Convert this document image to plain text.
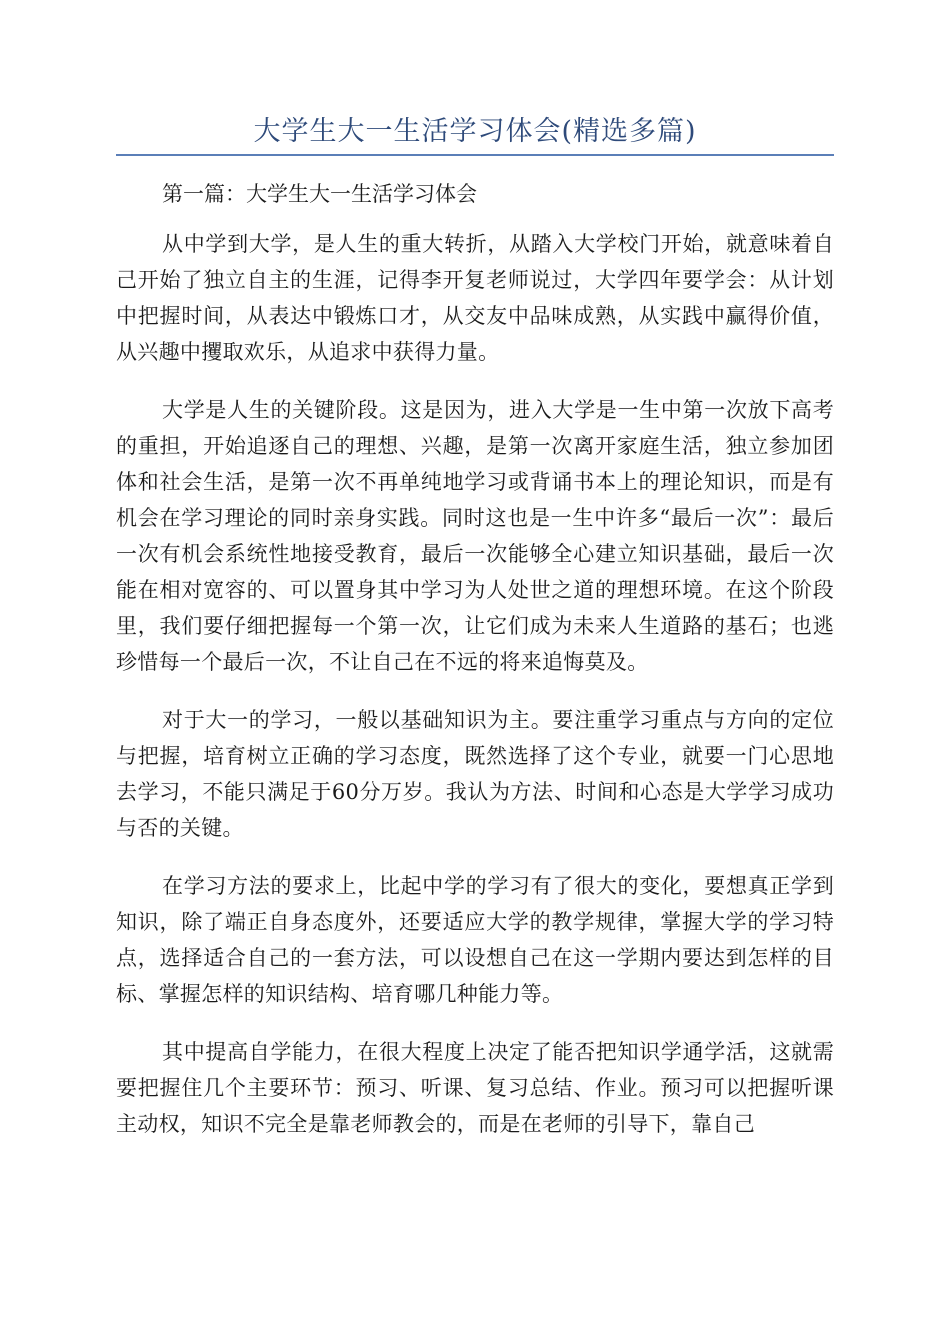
大学生大一生活学习体会(精选多篇)

第一篇：大学生大一生活学习体会

从中学到大学，是人生的重大转折，从踏入大学校门开始，就意味着自己开始了独立自主的生涯，记得李开复老师说过，大学四年要学会：从计划中把握时间，从表达中锻炼口才，从交友中品味成熟，从实践中赢得价值，从兴趣中攫取欢乐，从追求中获得力量。

大学是人生的关键阶段。这是因为，进入大学是一生中第一次放下高考的重担，开始追逐自己的理想、兴趣，是第一次离开家庭生活，独立参加团体和社会生活，是第一次不再单纯地学习或背诵书本上的理论知识，而是有机会在学习理论的同时亲身实践。同时这也是一生中许多“最后一次”：最后一次有机会系统性地接受教育，最后一次能够全心建立知识基础，最后一次能在相对宽容的、可以置身其中学习为人处世之道的理想环境。在这个阶段里，我们要仔细把握每一个第一次，让它们成为未来人生道路的基石；也逃珍惜每一个最后一次，不让自己在不远的将来追悔莫及。

对于大一的学习，一般以基础知识为主。要注重学习重点与方向的定位与把握，培育树立正确的学习态度，既然选择了这个专业，就要一门心思地去学习，不能只满足于60分万岁。我认为方法、时间和心态是大学学习成功与否的关键。

在学习方法的要求上，比起中学的学习有了很大的变化，要想真正学到知识，除了端正自身态度外，还要适应大学的教学规律，掌握大学的学习特点，选择适合自己的一套方法，可以设想自己在这一学期内要达到怎样的目标、掌握怎样的知识结构、培育哪几种能力等。

其中提高自学能力，在很大程度上决定了能否把知识学通学活，这就需要把握住几个主要环节：预习、听课、复习总结、作业。预习可以把握听课主动权，知识不完全是靠老师教会的，而是在老师的引导下，靠自己
